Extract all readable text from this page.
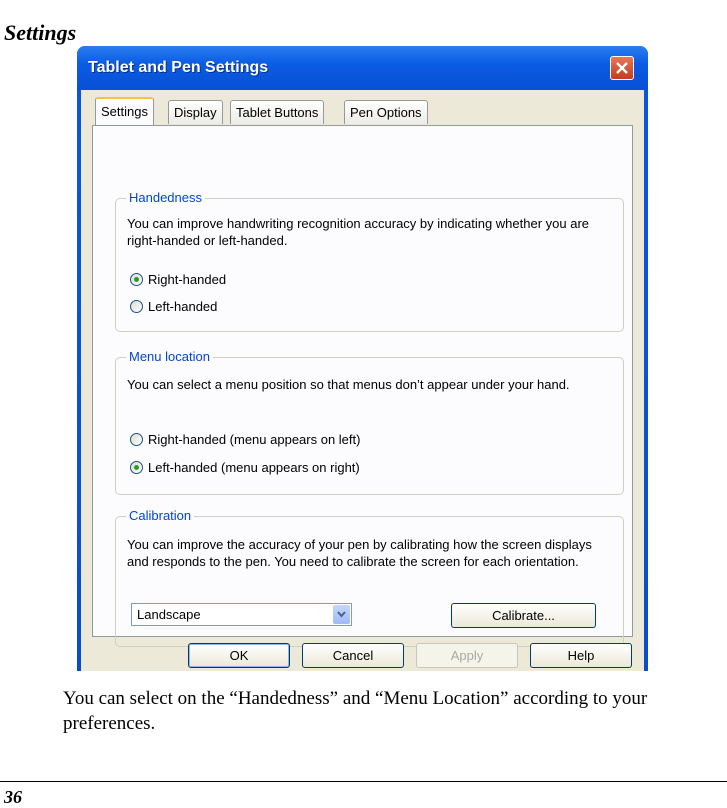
Settings
Tablet and Pen Settings
Settings	Display	Tablet Buttons	Pen Options
Handedness
You can improve handwriting recognition accuracy by indicating whether you are right-handed or left-handed.
Right-handed
Left-handed
Menu location
You can select a menu position so that menus don’t appear under your hand.
Right-handed (menu appears on left)
Left-handed (menu appears on right)
Calibration
You can improve the accuracy of your pen by calibrating how the screen displays and responds to the pen. You need to calibrate the screen for each orientation.
Landscape	Calibrate...
OK	Cancel	Apply	Help
You can select on the “Handedness” and “Menu Location” according to your preferences.
36
